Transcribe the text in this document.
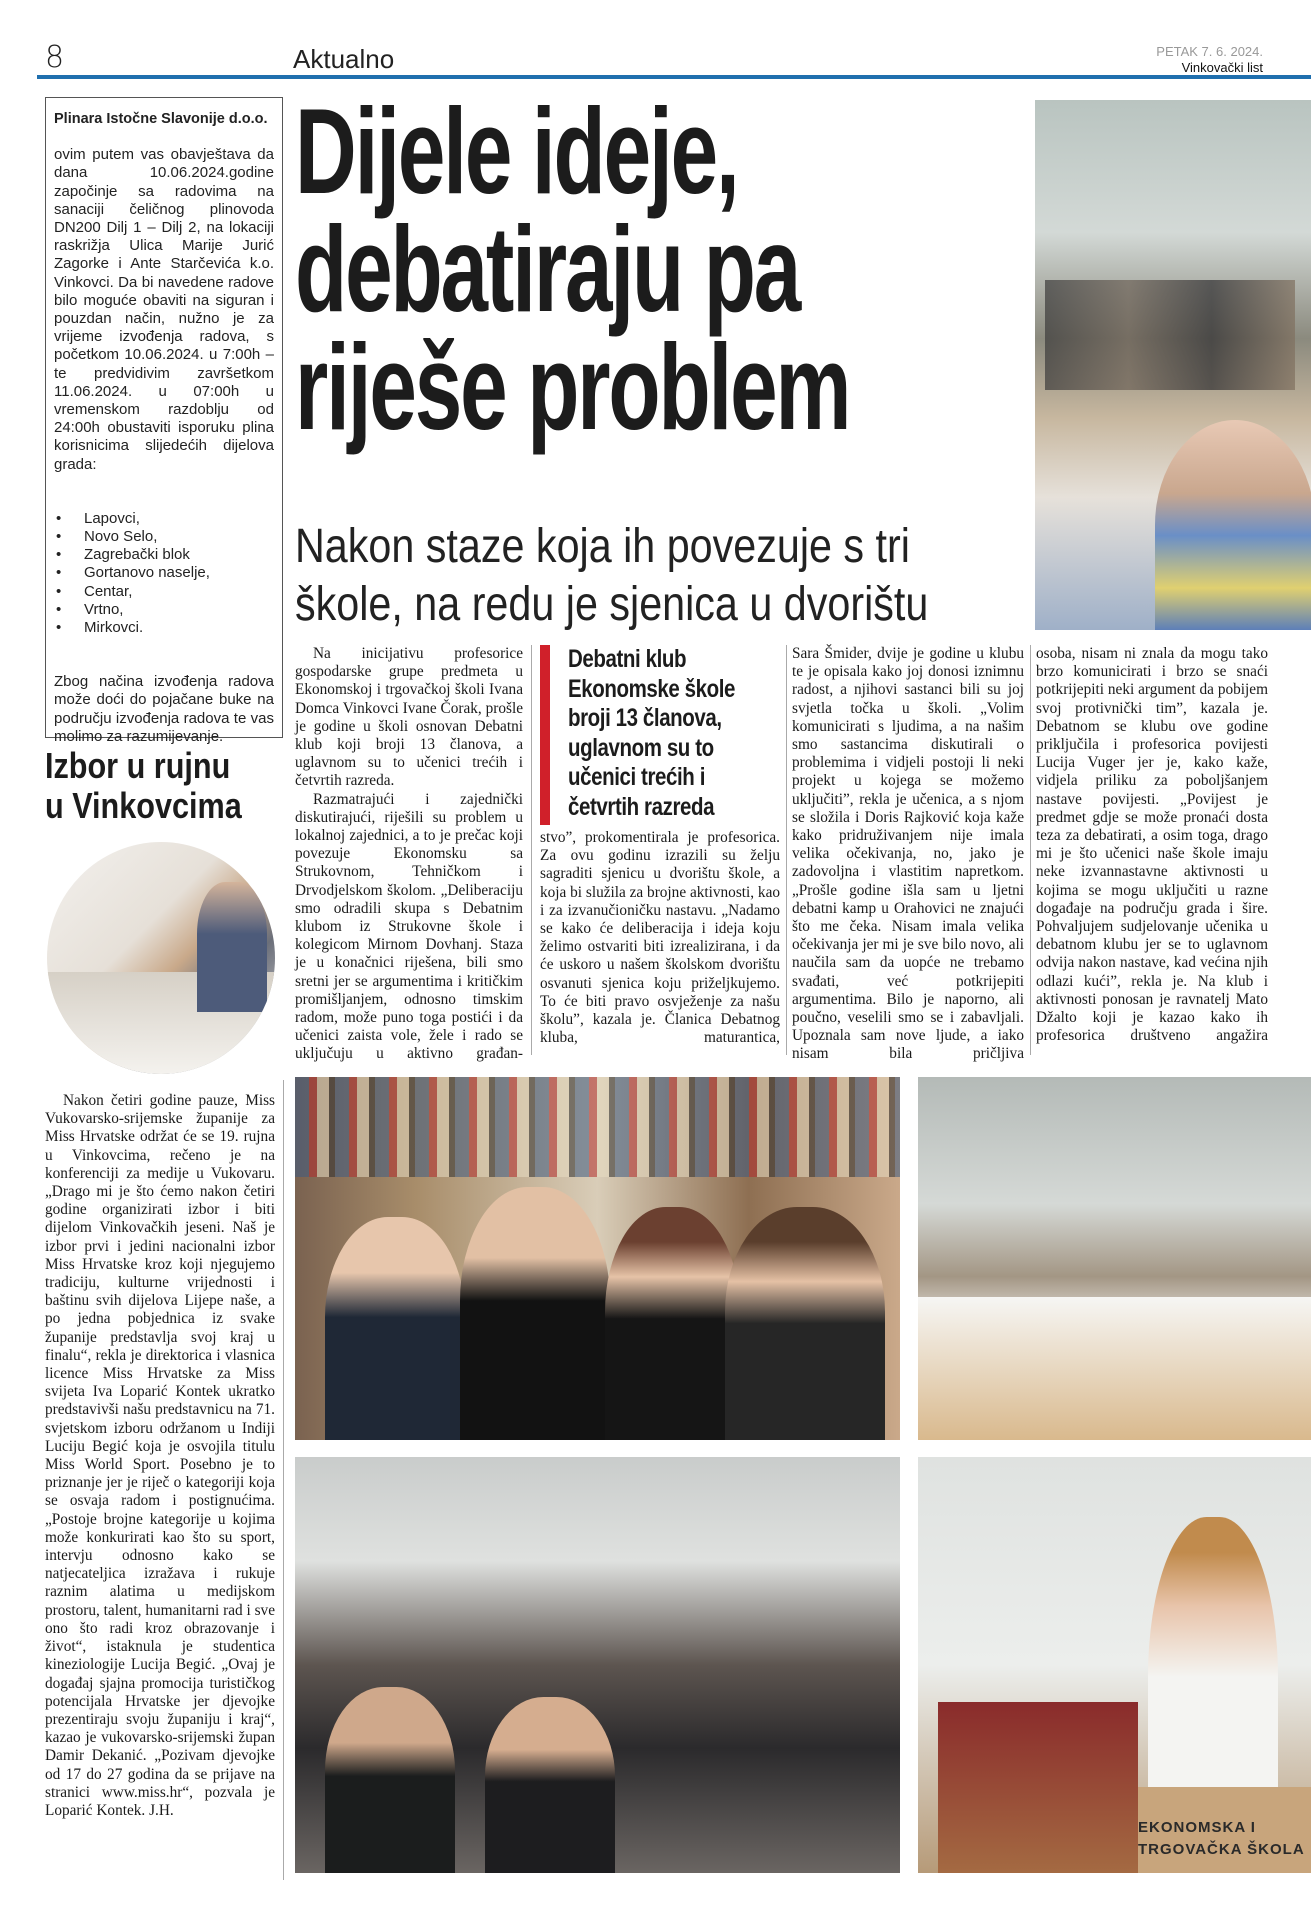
8	Aktualno	PETAK 7. 6. 2024.
Vinkovački list
Plinara Istočne Slavonije d.o.o.

ovim putem vas obavještava da dana 10.06.2024.godine započinje sa radovima na sanaciji čeličnog plinovoda DN200 Dilj 1 – Dilj 2, na lokaciji raskrižja Ulica Marije Jurić Zagorke i Ante Starčevića k.o. Vinkovci. Da bi navedene radove bilo moguće obaviti na siguran i pouzdan način, nužno je za vrijeme izvođenja radova, s početkom 10.06.2024. u 7:00h – te predvidivim završetkom 11.06.2024. u 07:00h u vremenskom razdoblju od 24:00h obustaviti isporuku plina korisnicima slijedećih dijelova grada:

• Lapovci,
• Novo Selo,
• Zagrebački blok
• Gortanovo naselje,
• Centar,
• Vrtno,
• Mirkovci.

Zbog načina izvođenja radova može doći do pojačane buke na području izvođenja radova te vas molimo za razumijevanje.

Dijele ideje,
debatiraju pa
riješe problem
Nakon staze koja ih povezuje s tri
škole, na redu je sjenica u dvorištu

Na inicijativu profesorice gospodarske grupe predmeta u Ekonomskoj i trgovačkoj školi Ivana Domca Vinkovci Ivane Čorak, prošle je godine u školi osnovan Debatni klub koji broji 13 članova, a uglavnom su to učenici trećih i četvrtih razreda.

Razmatrajući i zajednički diskutirajući, riješili su problem u lokalnoj zajednici, a to je prečac koji povezuje Ekonomsku sa Strukovnom, Tehničkom i Drvodjelskom školom. „Deliberaciju smo odradili skupa s Debatnim klubom iz Strukovne škole i kolegicom Mirnom Dovhanj. Staza je u konačnici riješena, bili smo sretni jer se argumentima i kritičkim promišljanjem, odnosno timskim radom, može puno toga postići i da učenici zaista vole, žele i rado se uključuju u aktivno građan-

Debatni klub
Ekonomske škole
broji 13 članova,
uglavnom su to
učenici trećih i
četvrtih razreda

stvo”, prokomentirala je profesorica. Za ovu godinu izrazili su želju sagraditi sjenicu u dvorištu škole, a koja bi služila za brojne aktivnosti, kao i za izvanučioničku nastavu. „Nadamo se kako će deliberacija i ideja koju želimo ostvariti biti izrealizirana, i da će uskoro u našem školskom dvorištu osvanuti sjenica koju priželjkujemo. To će biti pravo osvježenje za našu školu”, kazala je. Članica Debatnog kluba, maturantica,

Sara Šmider, dvije je godine u klubu te je opisala kako joj donosi iznimnu radost, a njihovi sastanci bili su joj svjetla točka u školi. „Volim komunicirati s ljudima, a na našim smo sastancima diskutirali o problemima i vidjeli postoji li neki projekt u kojega se možemo uključiti”, rekla je učenica, a s njom se složila i Doris Rajković koja kaže kako pridruživanjem nije imala velika očekivanja, no, jako je zadovoljna i vlastitim napretkom. „Prošle godine išla sam u ljetni debatni kamp u Orahovici ne znajući što me čeka. Nisam imala velika očekivanja jer mi je sve bilo novo, ali naučila sam da uopće ne trebamo svađati, već potkrijepiti argumentima. Bilo je naporno, ali poučno, veselili smo se i zabavljali. Upoznala sam nove ljude, a iako nisam bila pričljiva

osoba, nisam ni znala da mogu tako brzo komunicirati i brzo se snaći potkrijepiti neki argument da pobijem svoj protivnički tim”, kazala je. Debatnom se klubu ove godine priključila i profesorica povijesti Lucija Vuger jer je, kako kaže, vidjela priliku za poboljšanjem nastave povijesti. „Povijest je predmet gdje se može pronaći dosta teza za debatirati, a osim toga, drago mi je što učenici naše škole imaju neke izvannastavne aktivnosti u kojima se mogu uključiti u razne događaje na području grada i šire. Pohvaljujem sudjelovanje učenika u debatnom klubu jer se to uglavnom odvija nakon nastave, kad većina njih odlazi kući”, rekla je. Na klub i aktivnosti ponosan je ravnatelj Mato Džalto koji je kazao kako ih profesorica društveno angažira

Izbor u rujnu
u Vinkovcima

Nakon četiri godine pauze, Miss Vukovarsko-srijemske županije za Miss Hrvatske održat će se 19. rujna u Vinkovcima, rečeno je na konferenciji za medije u Vukovaru. „Drago mi je što ćemo nakon četiri godine organizirati izbor i biti dijelom Vinkovačkih jeseni. Naš je izbor prvi i jedini nacionalni izbor Miss Hrvatske kroz koji njegujemo tradiciju, kulturne vrijednosti i baštinu svih dijelova Lijepe naše, a po jedna pobjednica iz svake županije predstavlja svoj kraj u finalu“, rekla je direktorica i vlasnica licence Miss Hrvatske za Miss svijeta Iva Loparić Kontek ukratko predstavivši našu predstavnicu na 71. svjetskom izboru održanom u Indiji Luciju Begić koja je osvojila titulu Miss World Sport. Posebno je to priznanje jer je riječ o kategoriji koja se osvaja radom i postignućima. „Postoje brojne kategorije u kojima može konkurirati kao što su sport, intervju odnosno kako se natjecateljica izražava i rukuje raznim alatima u medijskom prostoru, talent, humanitarni rad i sve ono što radi kroz obrazovanje i život“, istaknula je studentica kineziologije Lucija Begić. „Ovaj je događaj sjajna promocija turističkog potencijala Hrvatske jer djevojke prezentiraju svoju županiju i kraj“, kazao je vukovarsko-srijemski župan Damir Dekanić. „Pozivam djevojke od 17 do 27 godina da se prijave na stranici www.miss.hr“, pozvala je Loparić Kontek. J.H.

EKONOMSKA I TRGOVAČKA ŠKOLA
